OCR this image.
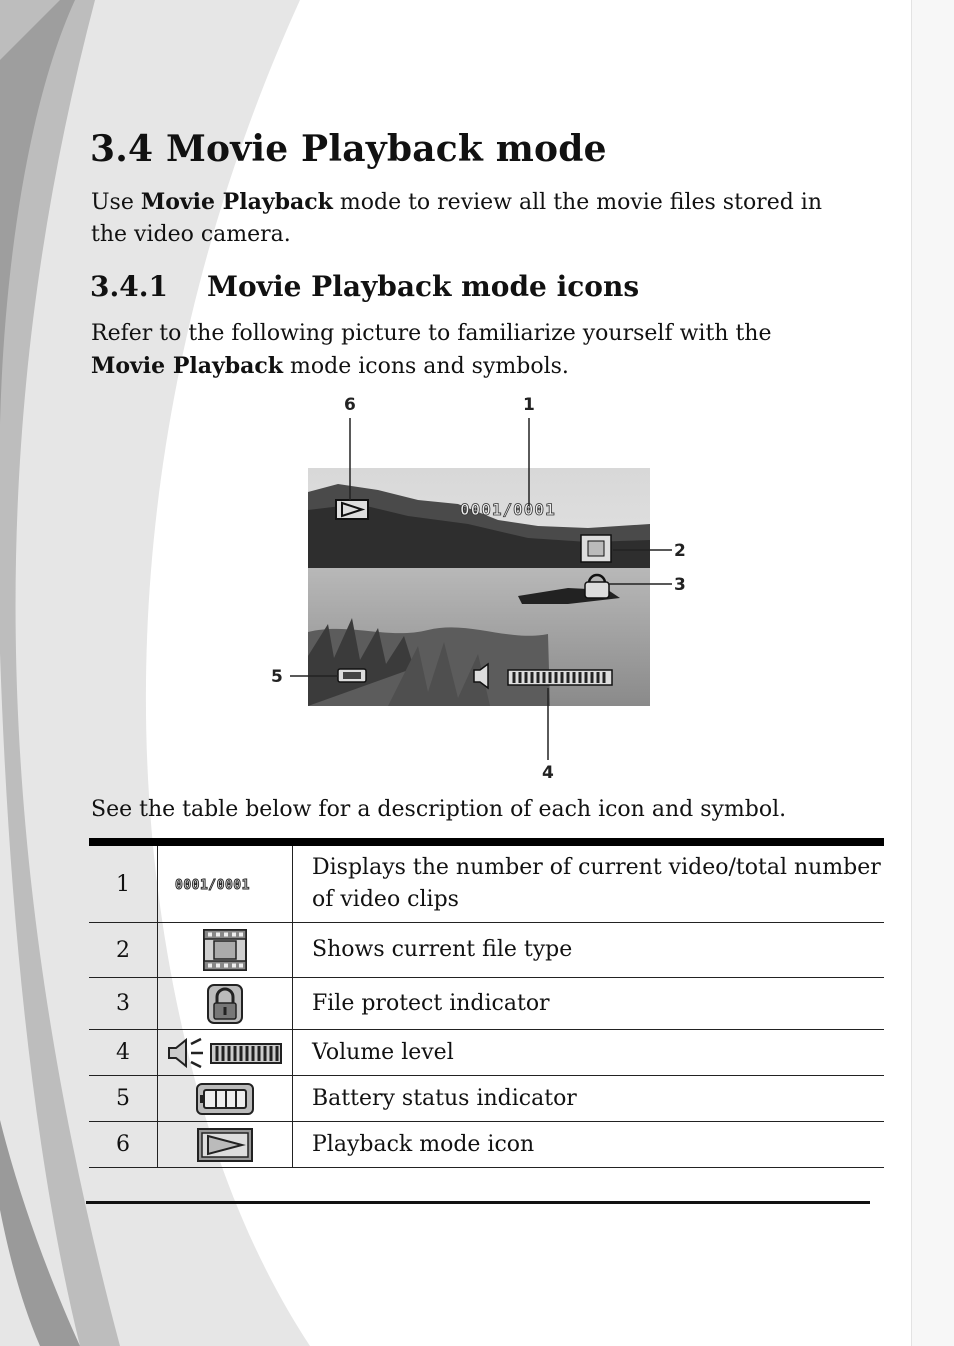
3.4 Movie Playback mode

Use Movie Playback mode to review all the movie files stored in the video camera.

3.4.1 Movie Playback mode icons

Refer to the following picture to familiarize yourself with the Movie Playback mode icons and symbols.

0001/0001
1
2
3
4
5
6

See the table below for a description of each icon and symbol.

1	0001/0001	Displays the number of current video/total number of video clips
2		Shows current file type
3		File protect indicator
4		Volume level
5		Battery status indicator
6		Playback mode icon
